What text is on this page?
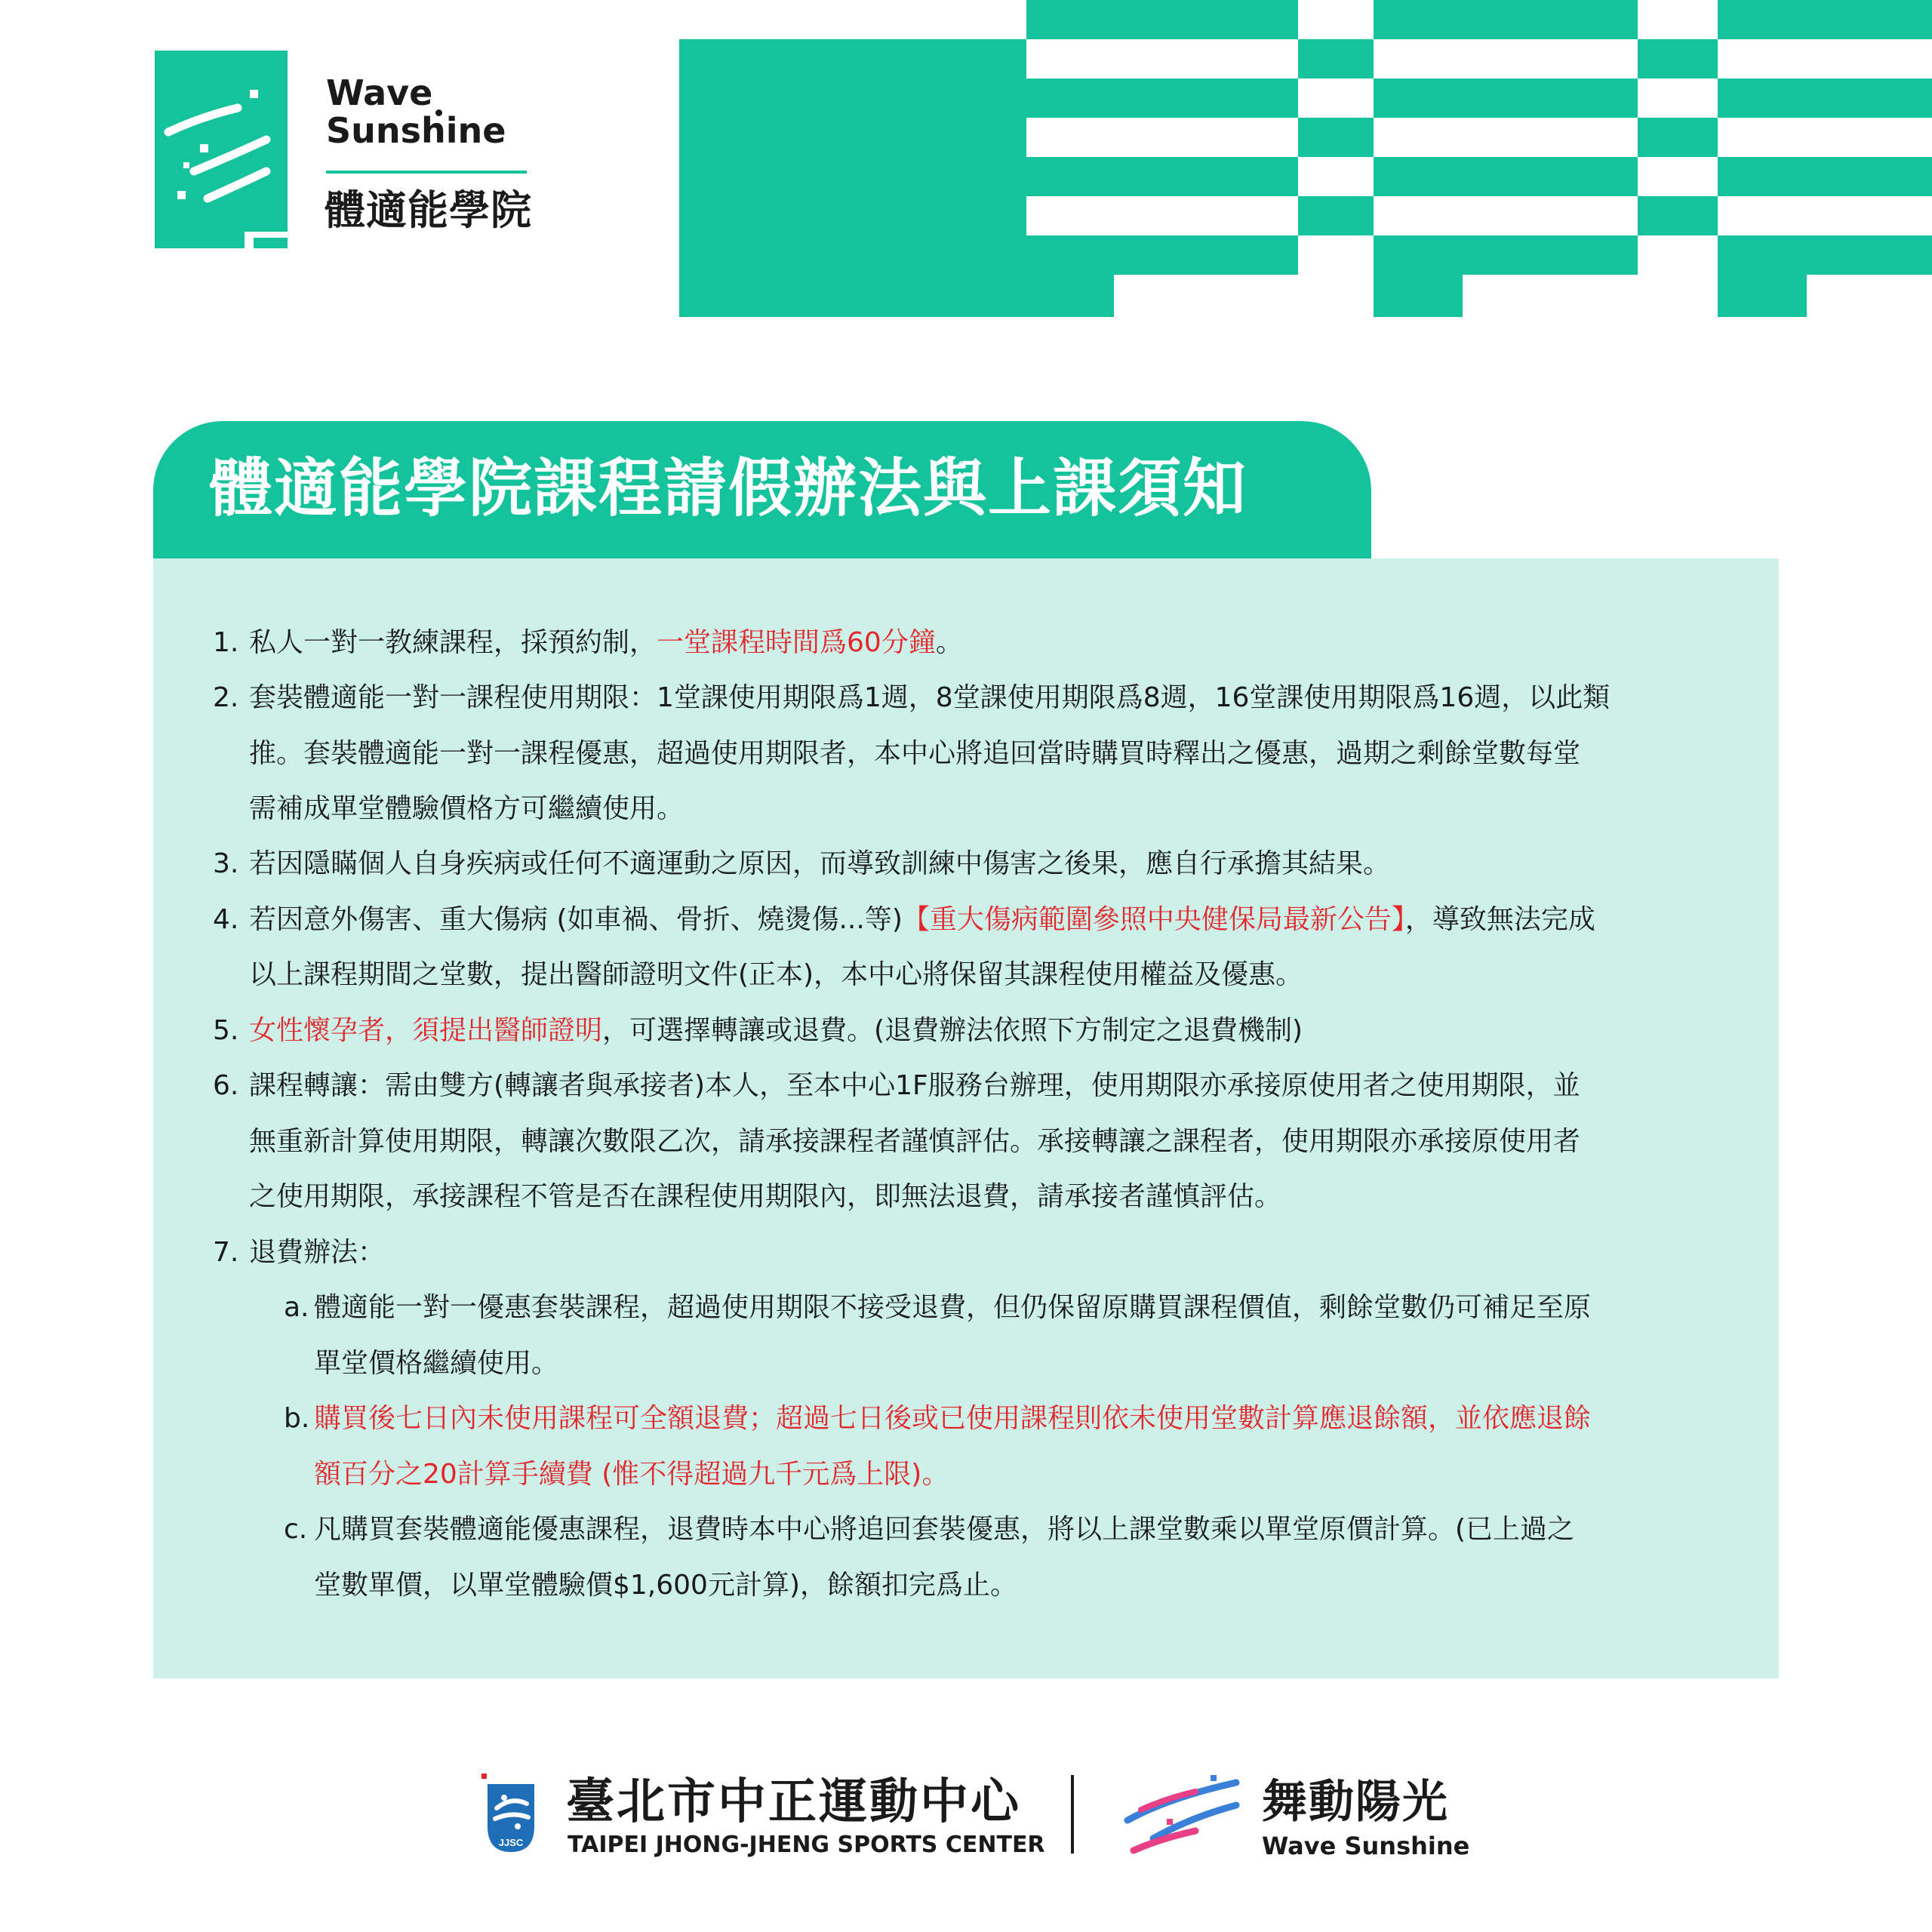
Wave
Sunshine
體適能學院
體適能學院課程請假辦法與上課須知
1. 私人一對一教練課程，採預約制，一堂課程時間爲60分鐘。
2. 套裝體適能一對一課程使用期限：1堂課使用期限爲1週，8堂課使用期限爲8週，16堂課使用期限爲16週，以此類
推。套裝體適能一對一課程優惠，超過使用期限者，本中心將追回當時購買時釋出之優惠，過期之剩餘堂數每堂
需補成單堂體驗價格方可繼續使用。
3. 若因隱瞞個人自身疾病或任何不適運動之原因，而導致訓練中傷害之後果，應自行承擔其結果。
4. 若因意外傷害、重大傷病 (如車禍、骨折、燒燙傷...等)【重大傷病範圍參照中央健保局最新公告】，導致無法完成
以上課程期間之堂數，提出醫師證明文件(正本)，本中心將保留其課程使用權益及優惠。
5. 女性懷孕者，須提出醫師證明，可選擇轉讓或退費。(退費辦法依照下方制定之退費機制)
6. 課程轉讓：需由雙方(轉讓者與承接者)本人，至本中心1F服務台辦理，使用期限亦承接原使用者之使用期限，並
無重新計算使用期限，轉讓次數限乙次，請承接課程者謹慎評估。承接轉讓之課程者，使用期限亦承接原使用者
之使用期限，承接課程不管是否在課程使用期限內，即無法退費，請承接者謹慎評估。
7. 退費辦法：
a. 體適能一對一優惠套裝課程，超過使用期限不接受退費，但仍保留原購買課程價值，剩餘堂數仍可補足至原
單堂價格繼續使用。
b. 購買後七日內未使用課程可全額退費；超過七日後或已使用課程則依未使用堂數計算應退餘額，並依應退餘
額百分之20計算手續費 (惟不得超過九千元爲上限)。
c. 凡購買套裝體適能優惠課程，退費時本中心將追回套裝優惠，將以上課堂數乘以單堂原價計算。(已上過之
堂數單價，以單堂體驗價$1,600元計算)，餘額扣完爲止。
JJSC
臺北市中正運動中心
TAIPEI JHONG-JHENG SPORTS CENTER
舞動陽光
Wave Sunshine
